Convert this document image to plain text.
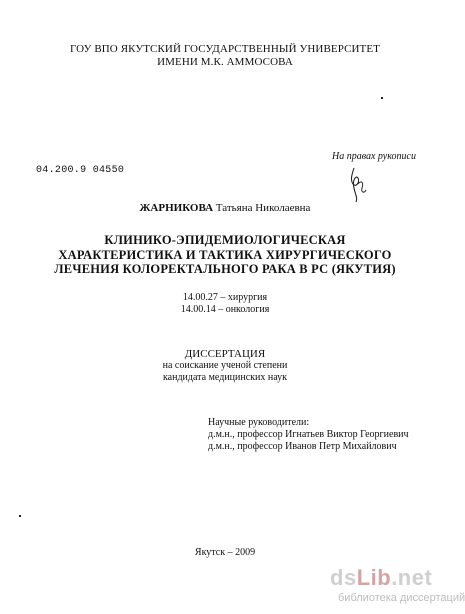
ГОУ ВПО ЯКУТСКИЙ ГОСУДАРСТВЕННЫЙ УНИВЕРСИТЕТ
ИМЕНИ М.К. АММОСОВА
На правах рукописи
04.200.9 04550
ЖАРНИКОВА Татьяна Николаевна
КЛИНИКО-ЭПИДЕМИОЛОГИЧЕСКАЯ
ХАРАКТЕРИСТИКА И ТАКТИКА ХИРУРГИЧЕСКОГО
ЛЕЧЕНИЯ КОЛОРЕКТАЛЬНОГО РАКА В РС (ЯКУТИЯ)
14.00.27 – хирургия
14.00.14 – онкология
ДИССЕРТАЦИЯ
на соискание ученой степени
кандидата медицинских наук
Научные руководители:
д.м.н., профессор Игнатьев Виктор Георгиевич
д.м.н., профессор Иванов Петр Михайлович
Якутск – 2009
dsLib.net
библиотека диссертаций
